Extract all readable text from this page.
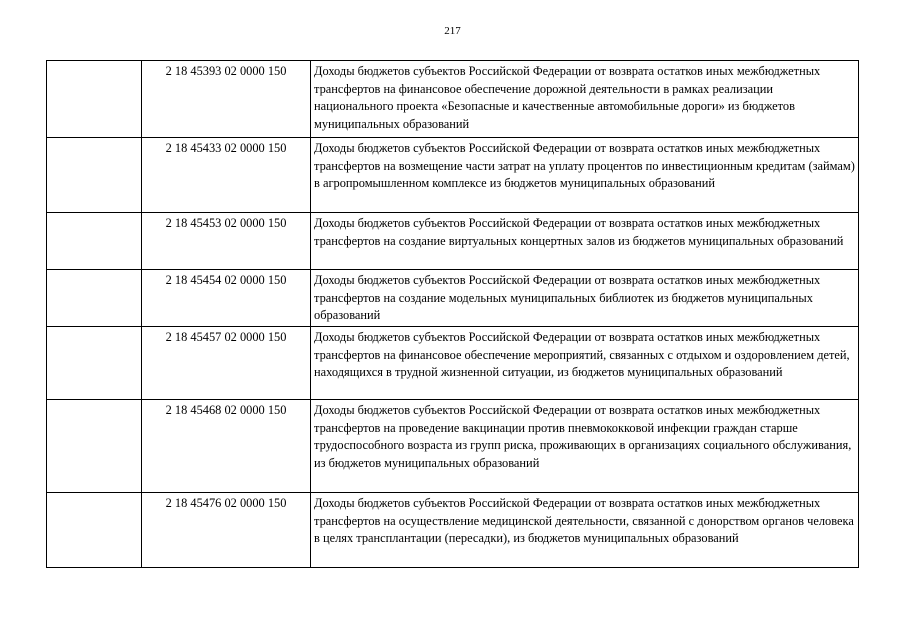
217
	2 18 45393 02 0000 150	Доходы бюджетов субъектов Российской Федерации от возврата остатков иных межбюджетных трансфертов на финансовое обеспечение дорожной деятельности в рамках реализации национального проекта «Безопасные и качественные автомобильные дороги» из бюджетов муниципальных образований
	2 18 45433 02 0000 150	Доходы бюджетов субъектов Российской Федерации от возврата остатков иных межбюджетных трансфертов на возмещение части затрат на уплату процентов по инвестиционным кредитам (займам) в агропромышленном комплексе из бюджетов муниципальных образований
	2 18 45453 02 0000 150	Доходы бюджетов субъектов Российской Федерации от возврата остатков иных межбюджетных трансфертов на создание виртуальных концертных залов из бюджетов муниципальных образований
	2 18 45454 02 0000 150	Доходы бюджетов субъектов Российской Федерации от возврата остатков иных межбюджетных трансфертов на создание модельных муниципальных библиотек из бюджетов муниципальных образований
	2 18 45457 02 0000 150	Доходы бюджетов субъектов Российской Федерации от возврата остатков иных межбюджетных трансфертов на финансовое обеспечение мероприятий, связанных с отдыхом и оздоровлением детей, находящихся в трудной жизненной ситуации, из бюджетов муниципальных образований
	2 18 45468 02 0000 150	Доходы бюджетов субъектов Российской Федерации от возврата остатков иных межбюджетных трансфертов на проведение вакцинации против пневмококковой инфекции граждан старше трудоспособного возраста из групп риска, проживающих в организациях социального обслуживания, из бюджетов муниципальных образований
	2 18 45476 02 0000 150	Доходы бюджетов субъектов Российской Федерации от возврата остатков иных межбюджетных трансфертов на осуществление медицинской деятельности, связанной с донорством органов человека в целях трансплантации (пересадки), из бюджетов муниципальных образований
